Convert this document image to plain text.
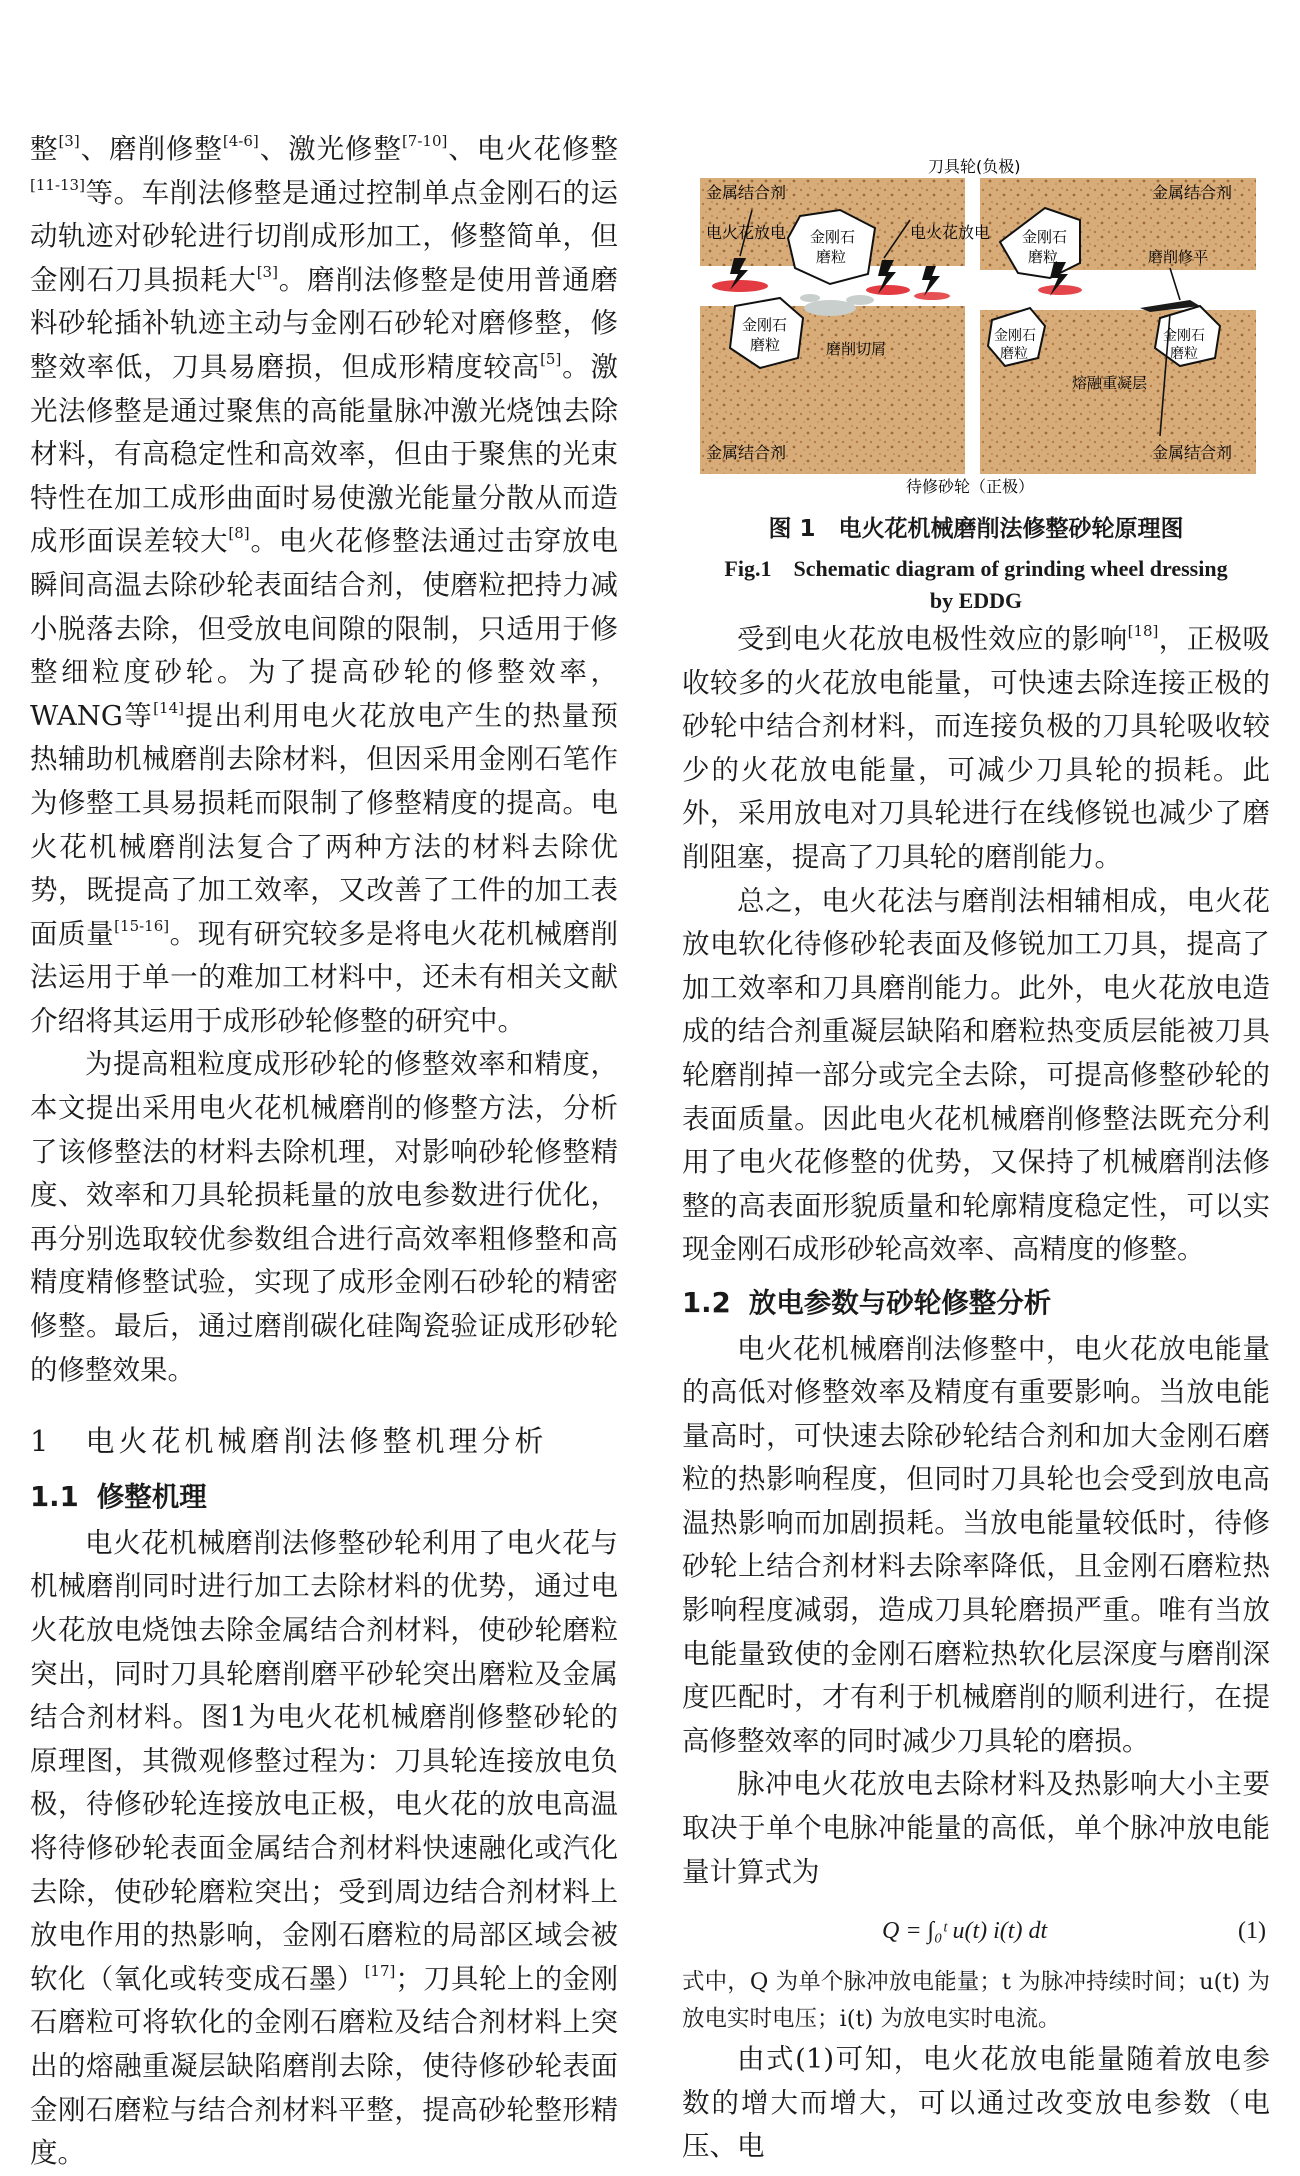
整[3]、磨削修整[4-6]、激光修整[7-10]、电火花修整[11-13]等。车削法修整是通过控制单点金刚石的运动轨迹对砂轮进行切削成形加工，修整简单，但金刚石刀具损耗大[3]。磨削法修整是使用普通磨料砂轮插补轨迹主动与金刚石砂轮对磨修整，修整效率低，刀具易磨损，但成形精度较高[5]。激光法修整是通过聚焦的高能量脉冲激光烧蚀去除材料，有高稳定性和高效率，但由于聚焦的光束特性在加工成形曲面时易使激光能量分散从而造成形面误差较大[8]。电火花修整法通过击穿放电瞬间高温去除砂轮表面结合剂，使磨粒把持力减小脱落去除，但受放电间隙的限制，只适用于修整细粒度砂轮。为了提高砂轮的修整效率，WANG等[14]提出利用电火花放电产生的热量预热辅助机械磨削去除材料，但因采用金刚石笔作为修整工具易损耗而限制了修整精度的提高。电火花机械磨削法复合了两种方法的材料去除优势，既提高了加工效率，又改善了工件的加工表面质量[15-16]。现有研究较多是将电火花机械磨削法运用于单一的难加工材料中，还未有相关文献介绍将其运用于成形砂轮修整的研究中。

为提高粗粒度成形砂轮的修整效率和精度，本文提出采用电火花机械磨削的修整方法，分析了该修整法的材料去除机理，对影响砂轮修整精度、效率和刀具轮损耗量的放电参数进行优化，再分别选取较优参数组合进行高效率粗修整和高精度精修整试验，实现了成形金刚石砂轮的精密修整。最后，通过磨削碳化硅陶瓷验证成形砂轮的修整效果。

1　 电火花机械磨削法修整机理分析
1.1 修整机理

电火花机械磨削法修整砂轮利用了电火花与机械磨削同时进行加工去除材料的优势，通过电火花放电烧蚀去除金属结合剂材料，使砂轮磨粒突出，同时刀具轮磨削磨平砂轮突出磨粒及金属结合剂材料。图1为电火花机械磨削修整砂轮的原理图，其微观修整过程为：刀具轮连接放电负极，待修砂轮连接放电正极，电火花的放电高温将待修砂轮表面金属结合剂材料快速融化或汽化去除，使砂轮磨粒突出；受到周边结合剂材料上放电作用的热影响，金刚石磨粒的局部区域会被软化（氧化或转变成石墨）[17]；刀具轮上的金刚石磨粒可将软化的金刚石磨粒及结合剂材料上突出的熔融重凝层缺陷磨削去除，使待修砂轮表面金刚石磨粒与结合剂材料平整，提高砂轮整形精度。

刀具轮(负极)
金属结合剂	金属结合剂
电火花放电	电火花放电
金刚石
磨粒
金刚石
磨粒	磨削修平
金刚石
磨粒	磨削切屑
金刚石
磨粒
金刚石
磨粒
熔融重凝层
金属结合剂	金属结合剂
待修砂轮（正极）
图 1　电火花机械磨削法修整砂轮原理图
Fig.1　Schematic diagram of grinding wheel dressing
by EDDG

受到电火花放电极性效应的影响[18]，正极吸收较多的火花放电能量，可快速去除连接正极的砂轮中结合剂材料，而连接负极的刀具轮吸收较少的火花放电能量，可减少刀具轮的损耗。此外，采用放电对刀具轮进行在线修锐也减少了磨削阻塞，提高了刀具轮的磨削能力。

总之，电火花法与磨削法相辅相成，电火花放电软化待修砂轮表面及修锐加工刀具，提高了加工效率和刀具磨削能力。此外，电火花放电造成的结合剂重凝层缺陷和磨粒热变质层能被刀具轮磨削掉一部分或完全去除，可提高修整砂轮的表面质量。因此电火花机械磨削修整法既充分利用了电火花修整的优势，又保持了机械磨削法修整的高表面形貌质量和轮廓精度稳定性，可以实现金刚石成形砂轮高效率、高精度的修整。

1.2 放电参数与砂轮修整分析

电火花机械磨削法修整中，电火花放电能量的高低对修整效率及精度有重要影响。当放电能量高时，可快速去除砂轮结合剂和加大金刚石磨粒的热影响程度，但同时刀具轮也会受到放电高温热影响而加剧损耗。当放电能量较低时，待修砂轮上结合剂材料去除率降低，且金刚石磨粒热影响程度减弱，造成刀具轮磨损严重。唯有当放电能量致使的金刚石磨粒热软化层深度与磨削深度匹配时，才有利于机械磨削的顺利进行，在提高修整效率的同时减少刀具轮的磨损。

脉冲电火花放电去除材料及热影响大小主要取决于单个电脉冲能量的高低，单个脉冲放电能量计算式为

Q = ∫₀ᵗ u(t) i(t) dt	(1)

式中，Q 为单个脉冲放电能量；t 为脉冲持续时间；u(t) 为放电实时电压；i(t) 为放电实时电流。

由式(1)可知，电火花放电能量随着放电参数的增大而增大，可以通过改变放电参数（电压、电
